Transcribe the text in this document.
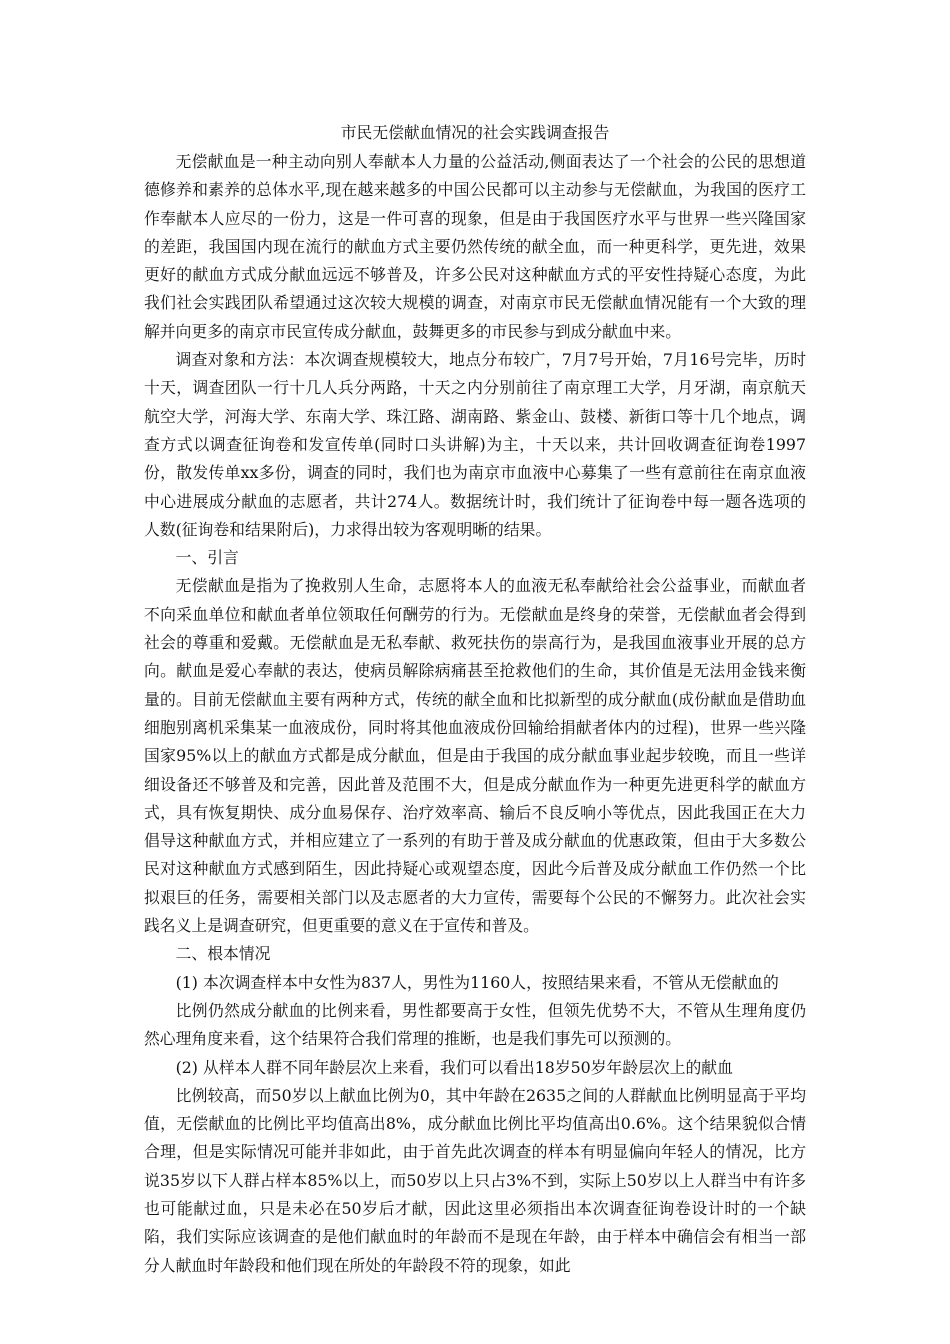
市民无偿献血情况的社会实践调查报告

无偿献血是一种主动向别人奉献本人力量的公益活动,侧面表达了一个社会的公民的思想道德修养和素养的总体水平,现在越来越多的中国公民都可以主动参与无偿献血，为我国的医疗工作奉献本人应尽的一份力，这是一件可喜的现象，但是由于我国医疗水平与世界一些兴隆国家的差距，我国国内现在流行的献血方式主要仍然传统的献全血，而一种更科学，更先进，效果更好的献血方式成分献血远远不够普及，许多公民对这种献血方式的平安性持疑心态度，为此我们社会实践团队希望通过这次较大规模的调查，对南京市民无偿献血情况能有一个大致的理解并向更多的南京市民宣传成分献血，鼓舞更多的市民参与到成分献血中来。

调查对象和方法：本次调查规模较大，地点分布较广，7月7号开始，7月16号完毕，历时十天，调查团队一行十几人兵分两路，十天之内分别前往了南京理工大学，月牙湖，南京航天航空大学，河海大学、东南大学、珠江路、湖南路、紫金山、鼓楼、新街口等十几个地点，调查方式以调查征询卷和发宣传单(同时口头讲解)为主，十天以来，共计回收调查征询卷1997份，散发传单xx多份，调查的同时，我们也为南京市血液中心募集了一些有意前往在南京血液中心进展成分献血的志愿者，共计274人。数据统计时，我们统计了征询卷中每一题各选项的人数(征询卷和结果附后)，力求得出较为客观明晰的结果。

一、引言

无偿献血是指为了挽救别人生命，志愿将本人的血液无私奉献给社会公益事业，而献血者不向采血单位和献血者单位领取任何酬劳的行为。无偿献血是终身的荣誉，无偿献血者会得到社会的尊重和爱戴。无偿献血是无私奉献、救死扶伤的崇高行为，是我国血液事业开展的总方向。献血是爱心奉献的表达，使病员解除病痛甚至抢救他们的生命，其价值是无法用金钱来衡量的。目前无偿献血主要有两种方式，传统的献全血和比拟新型的成分献血(成份献血是借助血细胞别离机采集某一血液成份，同时将其他血液成份回输给捐献者体内的过程)，世界一些兴隆国家95%以上的献血方式都是成分献血，但是由于我国的成分献血事业起步较晚，而且一些详细设备还不够普及和完善，因此普及范围不大，但是成分献血作为一种更先进更科学的献血方式，具有恢复期快、成分血易保存、治疗效率高、输后不良反响小等优点，因此我国正在大力倡导这种献血方式，并相应建立了一系列的有助于普及成分献血的优惠政策，但由于大多数公民对这种献血方式感到陌生，因此持疑心或观望态度，因此今后普及成分献血工作仍然一个比拟艰巨的任务，需要相关部门以及志愿者的大力宣传，需要每个公民的不懈努力。此次社会实践名义上是调查研究，但更重要的意义在于宣传和普及。

二、根本情况

(1) 本次调查样本中女性为837人，男性为1160人，按照结果来看，不管从无偿献血的

比例仍然成分献血的比例来看，男性都要高于女性，但领先优势不大，不管从生理角度仍然心理角度来看，这个结果符合我们常理的推断，也是我们事先可以预测的。

(2) 从样本人群不同年龄层次上来看，我们可以看出18岁50岁年龄层次上的献血

比例较高，而50岁以上献血比例为0，其中年龄在2635之间的人群献血比例明显高于平均值，无偿献血的比例比平均值高出8%，成分献血比例比平均值高出0.6%。这个结果貌似合情合理，但是实际情况可能并非如此，由于首先此次调查的样本有明显偏向年轻人的情况，比方说35岁以下人群占样本85%以上，而50岁以上只占3%不到，实际上50岁以上人群当中有许多也可能献过血，只是未必在50岁后才献，因此这里必须指出本次调查征询卷设计时的一个缺陷，我们实际应该调查的是他们献血时的年龄而不是现在年龄，由于样本中确信会有相当一部分人献血时年龄段和他们现在所处的年龄段不符的现象，如此
